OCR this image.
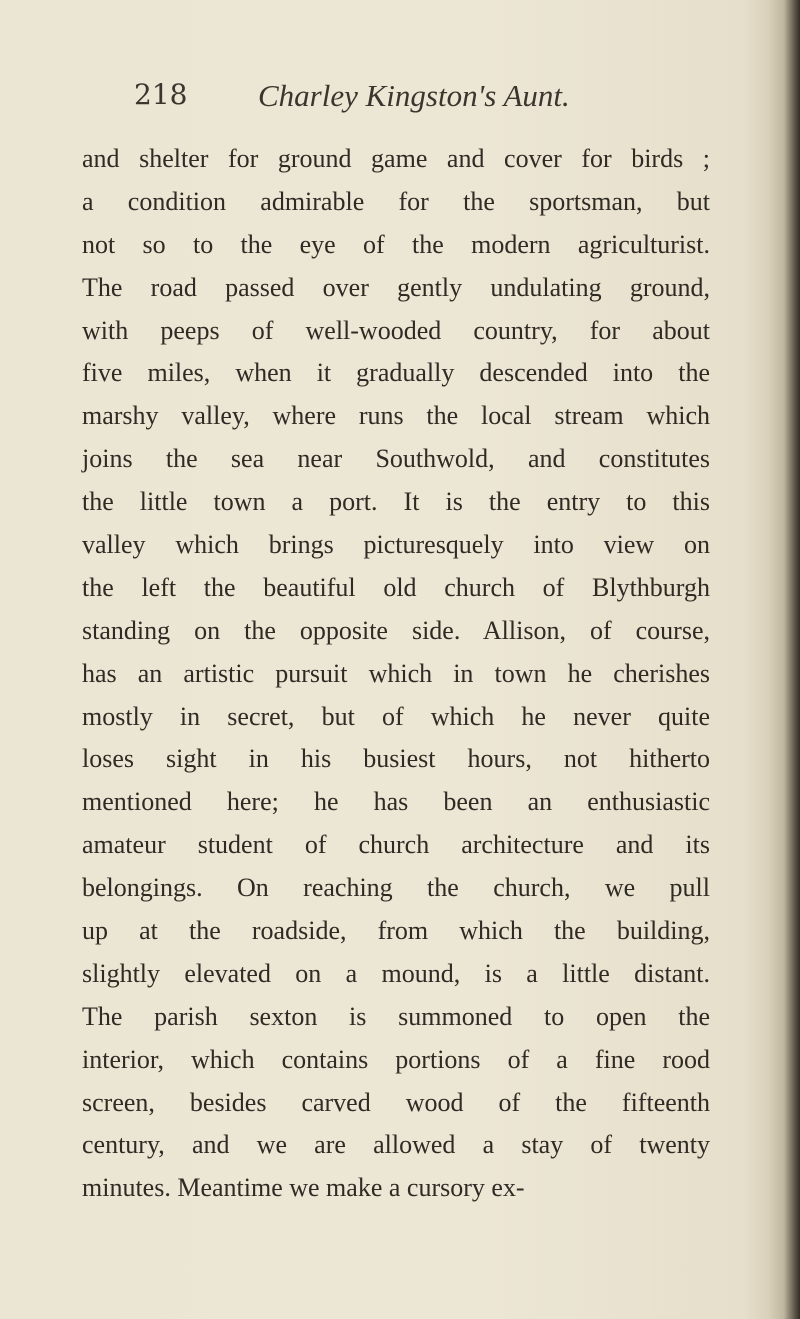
218 Charley Kingston's Aunt.
and shelter for ground game and cover for birds ;
a condition admirable for the sportsman, but
not so to the eye of the modern agriculturist.
The road passed over gently undulating ground,
with peeps of well-wooded country, for about
five miles, when it gradually descended into the
marshy valley, where runs the local stream which
joins the sea near Southwold, and constitutes
the little town a port. It is the entry to this
valley which brings picturesquely into view on
the left the beautiful old church of Blythburgh
standing on the opposite side. Allison, of course,
has an artistic pursuit which in town he cherishes
mostly in secret, but of which he never quite
loses sight in his busiest hours, not hitherto
mentioned here; he has been an enthusiastic
amateur student of church architecture and its
belongings. On reaching the church, we pull
up at the roadside, from which the building,
slightly elevated on a mound, is a little distant.
The parish sexton is summoned to open the
interior, which contains portions of a fine rood
screen, besides carved wood of the fifteenth
century, and we are allowed a stay of twenty
minutes. Meantime we make a cursory ex-
